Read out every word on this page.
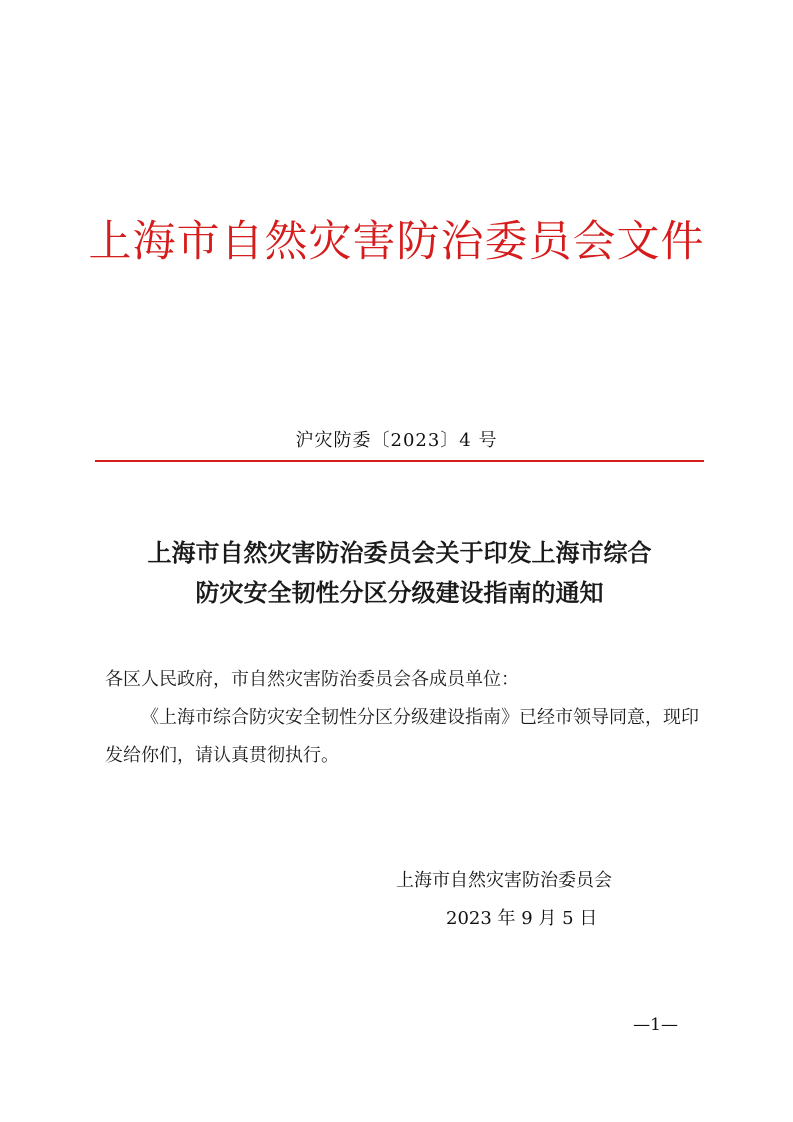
上海市自然灾害防治委员会文件
沪灾防委〔2023〕4 号
上海市自然灾害防治委员会关于印发上海市综合
防灾安全韧性分区分级建设指南的通知

各区人民政府，市自然灾害防治委员会各成员单位：

《上海市综合防灾安全韧性分区分级建设指南》已经市领导同意，现印发给你们，请认真贯彻执行。

上海市自然灾害防治委员会
2023 年 9 月 5 日
—1—
